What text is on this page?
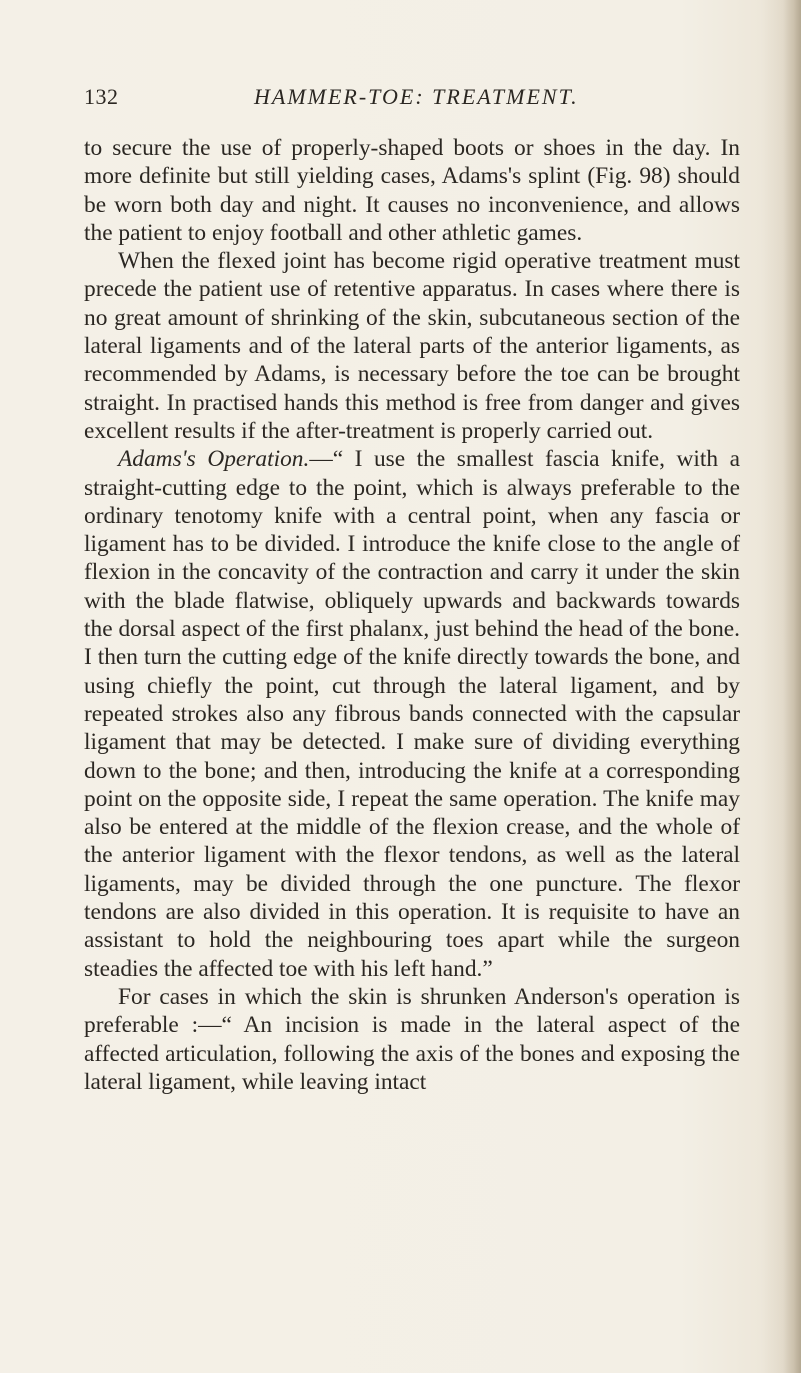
132	HAMMER-TOE: TREATMENT.

to secure the use of properly-shaped boots or shoes in the day. In more definite but still yielding cases, Adams's splint (Fig. 98) should be worn both day and night. It causes no inconvenience, and allows the patient to enjoy football and other athletic games.

When the flexed joint has become rigid operative treatment must precede the patient use of retentive apparatus. In cases where there is no great amount of shrinking of the skin, subcutaneous section of the lateral ligaments and of the lateral parts of the anterior ligaments, as recommended by Adams, is necessary before the toe can be brought straight. In practised hands this method is free from danger and gives excellent results if the after-treatment is properly carried out.

Adams's Operation.—“ I use the smallest fascia knife, with a straight-cutting edge to the point, which is always preferable to the ordinary tenotomy knife with a central point, when any fascia or ligament has to be divided. I introduce the knife close to the angle of flexion in the concavity of the contraction and carry it under the skin with the blade flatwise, obliquely upwards and backwards towards the dorsal aspect of the first phalanx, just behind the head of the bone. I then turn the cutting edge of the knife directly towards the bone, and using chiefly the point, cut through the lateral ligament, and by repeated strokes also any fibrous bands connected with the capsular ligament that may be detected. I make sure of dividing everything down to the bone; and then, introducing the knife at a corresponding point on the opposite side, I repeat the same operation. The knife may also be entered at the middle of the flexion crease, and the whole of the anterior ligament with the flexor tendons, as well as the lateral ligaments, may be divided through the one puncture. The flexor tendons are also divided in this operation. It is requisite to have an assistant to hold the neighbouring toes apart while the surgeon steadies the affected toe with his left hand.”

For cases in which the skin is shrunken Anderson's operation is preferable :—“ An incision is made in the lateral aspect of the affected articulation, following the axis of the bones and exposing the lateral ligament, while leaving intact
